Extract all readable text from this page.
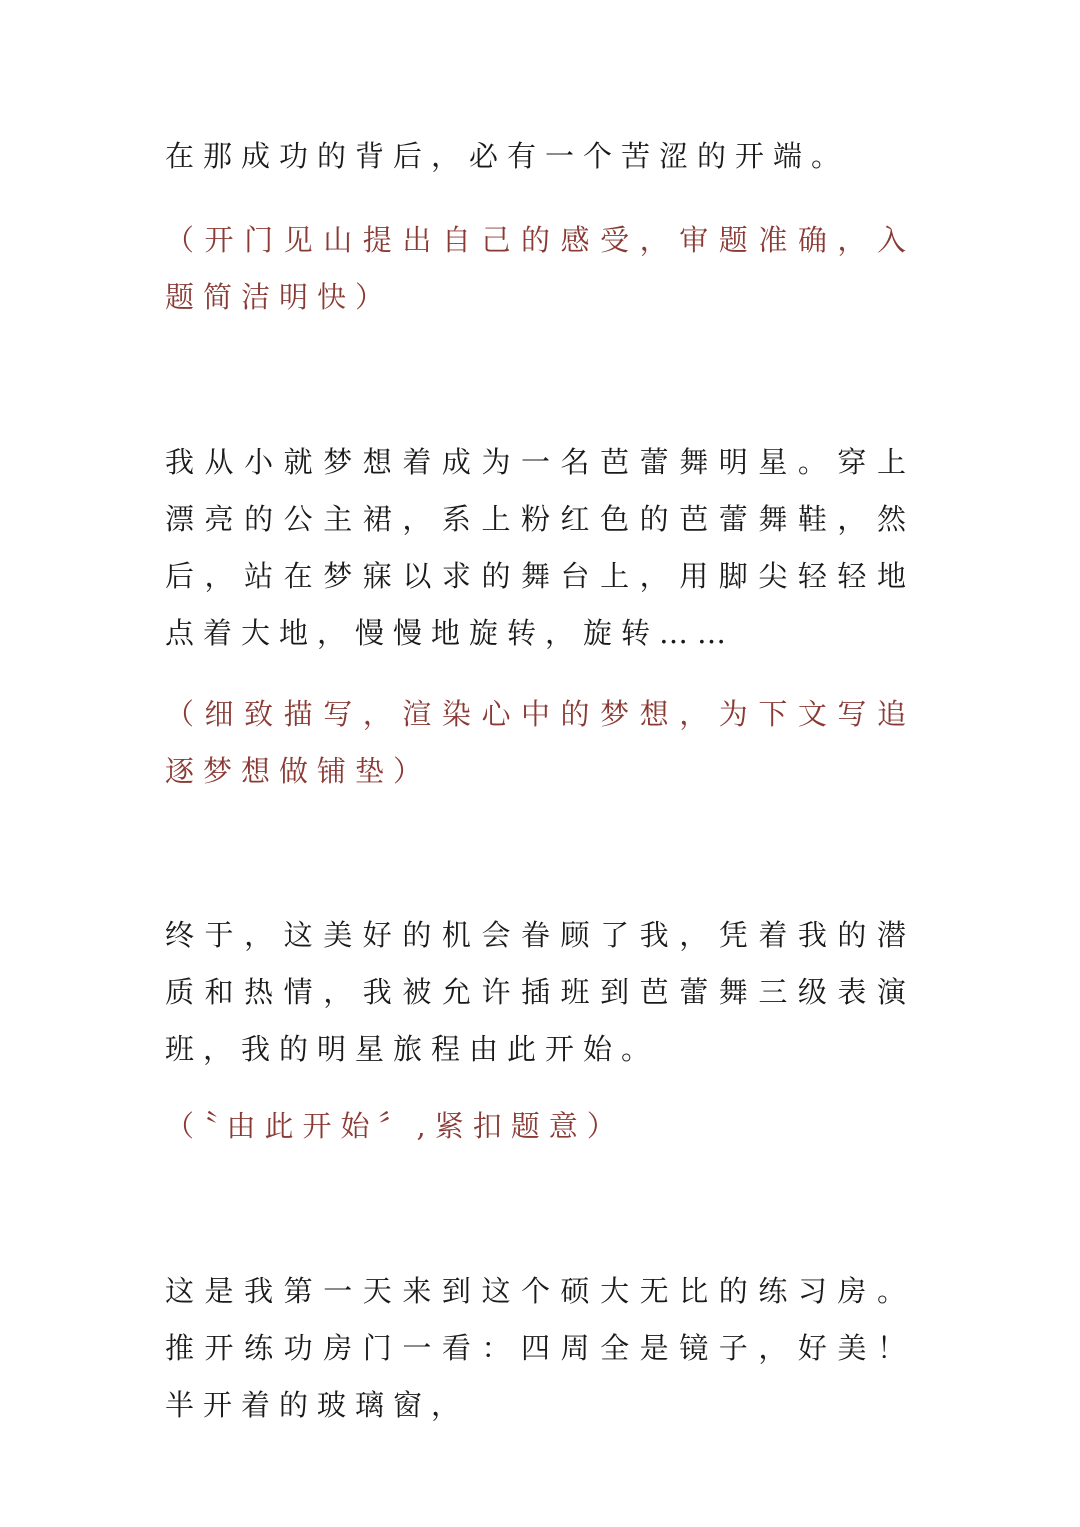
在那成功的背后，必有一个苦涩的开端。

（开门见山提出自己的感受，审题准确，入题简洁明快）

我从小就梦想着成为一名芭蕾舞明星。穿上漂亮的公主裙，系上粉红色的芭蕾舞鞋，然后，站在梦寐以求的舞台上，用脚尖轻轻地点着大地，慢慢地旋转，旋转……

（细致描写，渲染心中的梦想，为下文写追逐梦想做铺垫）

终于，这美好的机会眷顾了我，凭着我的潜质和热情，我被允许插班到芭蕾舞三级表演班，我的明星旅程由此开始。

（〝由此开始〞,紧扣题意）

这是我第一天来到这个硕大无比的练习房。推开练功房门一看：四周全是镜子，好美！半开着的玻璃窗，
